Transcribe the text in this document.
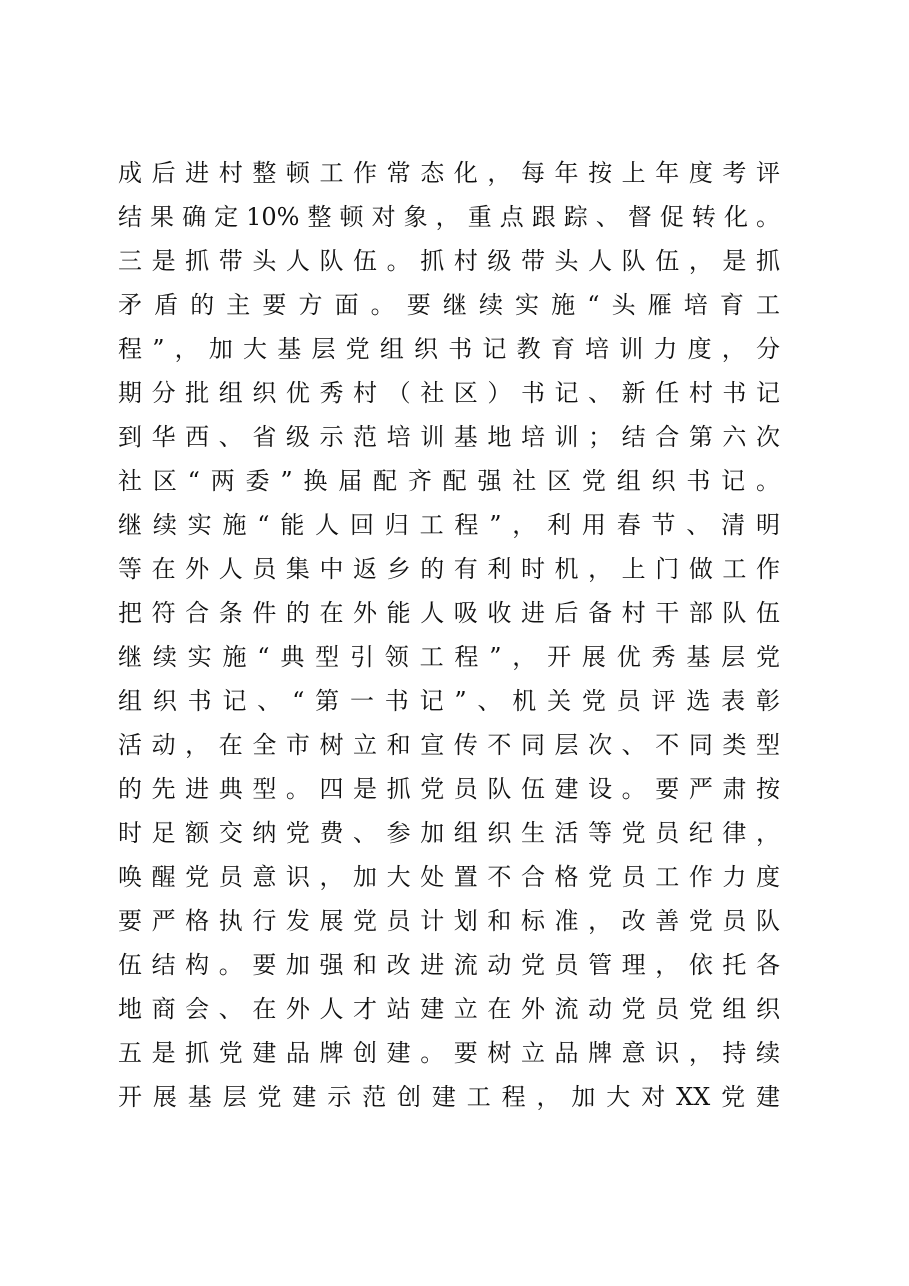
成后进村整顿工作常态化，每年按上年度考评
结果确定10%整顿对象，重点跟踪、督促转化。
三是抓带头人队伍。抓村级带头人队伍，是抓
矛盾的主要方面。要继续实施“头雁培育工
程”，加大基层党组织书记教育培训力度，分
期分批组织优秀村（社区）书记、新任村书记
到华西、省级示范培训基地培训；结合第六次
社区“两委”换届配齐配强社区党组织书记。
继续实施“能人回归工程”，利用春节、清明
等在外人员集中返乡的有利时机，上门做工作
把符合条件的在外能人吸收进后备村干部队伍
继续实施“典型引领工程”，开展优秀基层党
组织书记、“第一书记”、机关党员评选表彰
活动，在全市树立和宣传不同层次、不同类型
的先进典型。四是抓党员队伍建设。要严肃按
时足额交纳党费、参加组织生活等党员纪律，
唤醒党员意识，加大处置不合格党员工作力度
要严格执行发展党员计划和标准，改善党员队
伍结构。要加强和改进流动党员管理，依托各
地商会、在外人才站建立在外流动党员党组织
五是抓党建品牌创建。要树立品牌意识，持续
开展基层党建示范创建工程，加大对XX党建
